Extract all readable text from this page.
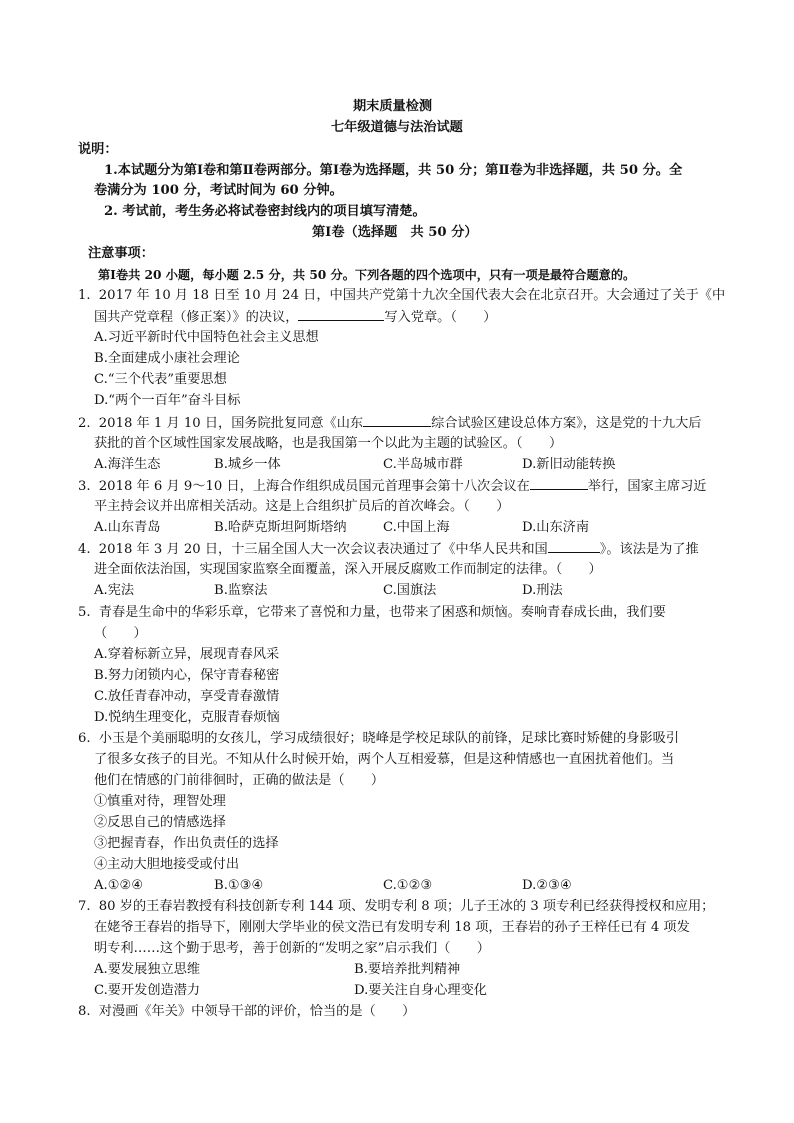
期末质量检测
七年级道德与法治试题
说明：
1.本试题分为第Ⅰ卷和第Ⅱ卷两部分。第Ⅰ卷为选择题，共 50 分；第Ⅱ卷为非选择题，共 50 分。全
卷满分为 100 分，考试时间为 60 分钟。
2. 考试前，考生务必将试卷密封线内的项目填写清楚。
第Ⅰ卷（选择题　共 50 分）
注意事项：
第Ⅰ卷共 20 小题，每小题 2.5 分，共 50 分。下列各题的四个选项中，只有一项是最符合题意的。
1. 2017 年 10 月 18 日至 10 月 24 日，中国共产党第十九次全国代表大会在北京召开。大会通过了关于《中
国共产党章程（修正案）》的决议，	写入党章。（　　）
A.习近平新时代中国特色社会主义思想
B.全面建成小康社会理论
C.“三个代表”重要思想
D.“两个一百年”奋斗目标
2. 2018 年 1 月 10 日，国务院批复同意《山东	综合试验区建设总体方案》，这是党的十九大后
获批的首个区域性国家发展战略，也是我国第一个以此为主题的试验区。（　　）
A.海洋生态	B.城乡一体	C.半岛城市群	D.新旧动能转换
3. 2018 年 6 月 9～10 日，上海合作组织成员国元首理事会第十八次会议在	举行，国家主席习近
平主持会议并出席相关活动。这是上合组织扩员后的首次峰会。（　　）
A.山东青岛	B.哈萨克斯坦阿斯塔纳	C.中国上海	D.山东济南
4. 2018 年 3 月 20 日，十三届全国人大一次会议表决通过了《中华人民共和国	》。该法是为了推
进全面依法治国，实现国家监察全面覆盖，深入开展反腐败工作而制定的法律。（　　）
A.宪法	B.监察法	C.国旗法	D.刑法
5. 青春是生命中的华彩乐章，它带来了喜悦和力量，也带来了困惑和烦恼。奏响青春成长曲，我们要
（　　）
A.穿着标新立异，展现青春风采
B.努力闭锁内心，保守青春秘密
C.放任青春冲动，享受青春激情
D.悦纳生理变化，克服青春烦恼
6. 小玉是个美丽聪明的女孩儿，学习成绩很好；晓峰是学校足球队的前锋，足球比赛时矫健的身影吸引
了很多女孩子的目光。不知从什么时候开始，两个人互相爱慕，但是这种情感也一直困扰着他们。当
他们在情感的门前徘徊时，正确的做法是（　　）
①慎重对待，理智处理
②反思自己的情感选择
③把握青春，作出负责任的选择
④主动大胆地接受或付出
A.①②④	B.①③④	C.①②③	D.②③④
7. 80 岁的王春岩教授有科技创新专利 144 项、发明专利 8 项；儿子王冰的 3 项专利已经获得授权和应用；
在姥爷王春岩的指导下，刚刚大学毕业的侯文浩已有发明专利 18 项，王春岩的孙子王梓任已有 4 项发
明专利……这个勤于思考，善于创新的“发明之家”启示我们（　　）
A.要发展独立思维	B.要培养批判精神
C.要开发创造潜力	D.要关注自身心理变化
8. 对漫画《年关》中领导干部的评价，恰当的是（　　）
